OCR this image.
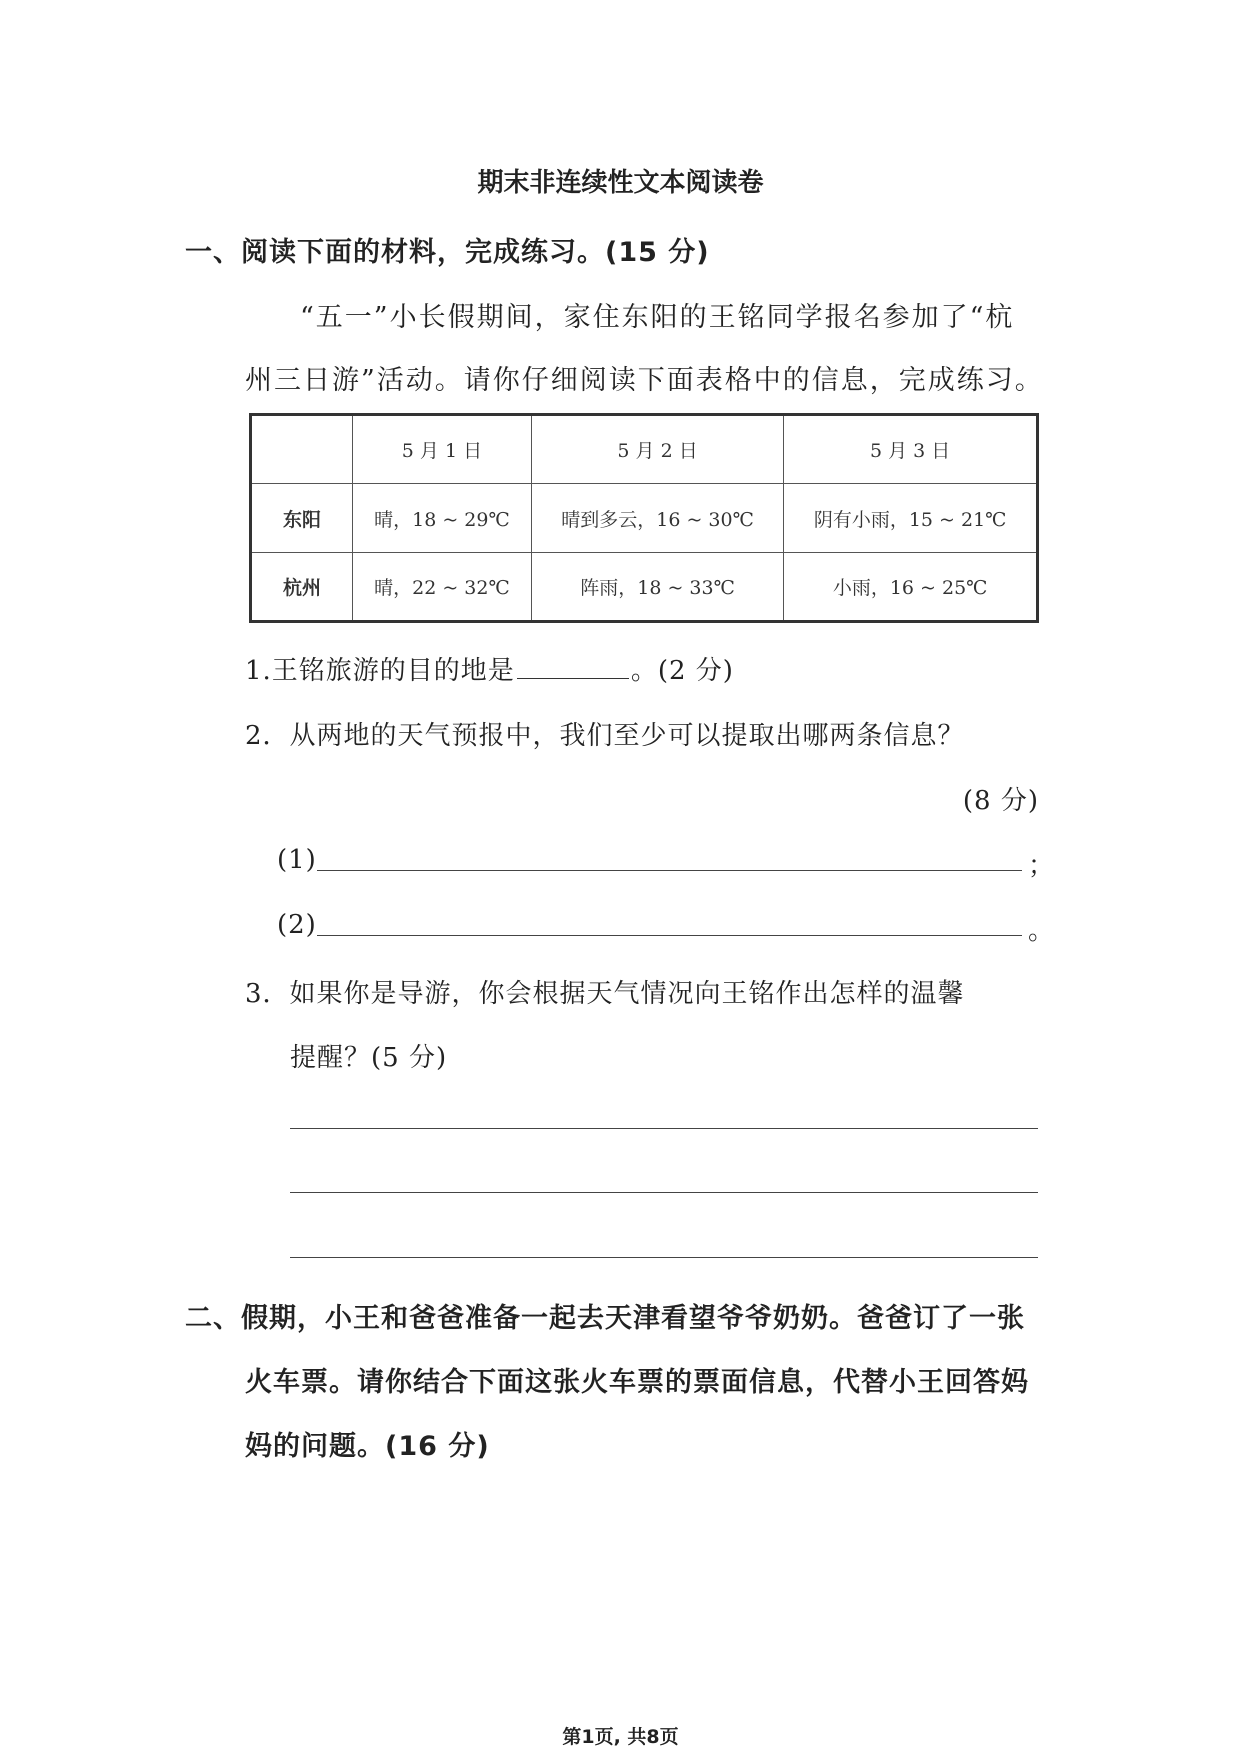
期末非连续性文本阅读卷
一、阅读下面的材料，完成练习。(15 分)
“五一”小长假期间，家住东阳的王铭同学报名参加了“杭
州三日游”活动。请你仔细阅读下面表格中的信息，完成练习。
	5 月 1 日	5 月 2 日	5 月 3 日
东阳	晴，18 ~ 29℃	晴到多云，16 ~ 30℃	阴有小雨，15 ~ 21℃
杭州	晴，22 ~ 32℃	阵雨，18 ~ 33℃	小雨，16 ~ 25℃
1.王铭旅游的目的地是	。(2 分)
2．从两地的天气预报中，我们至少可以提取出哪两条信息？
(8 分)
(1)	；
(2)	。
3．如果你是导游，你会根据天气情况向王铭作出怎样的温馨
提醒？(5 分)
二、假期，小王和爸爸准备一起去天津看望爷爷奶奶。爸爸订了一张
火车票。请你结合下面这张火车票的票面信息，代替小王回答妈
妈的问题。(16 分)
第1页, 共8页
